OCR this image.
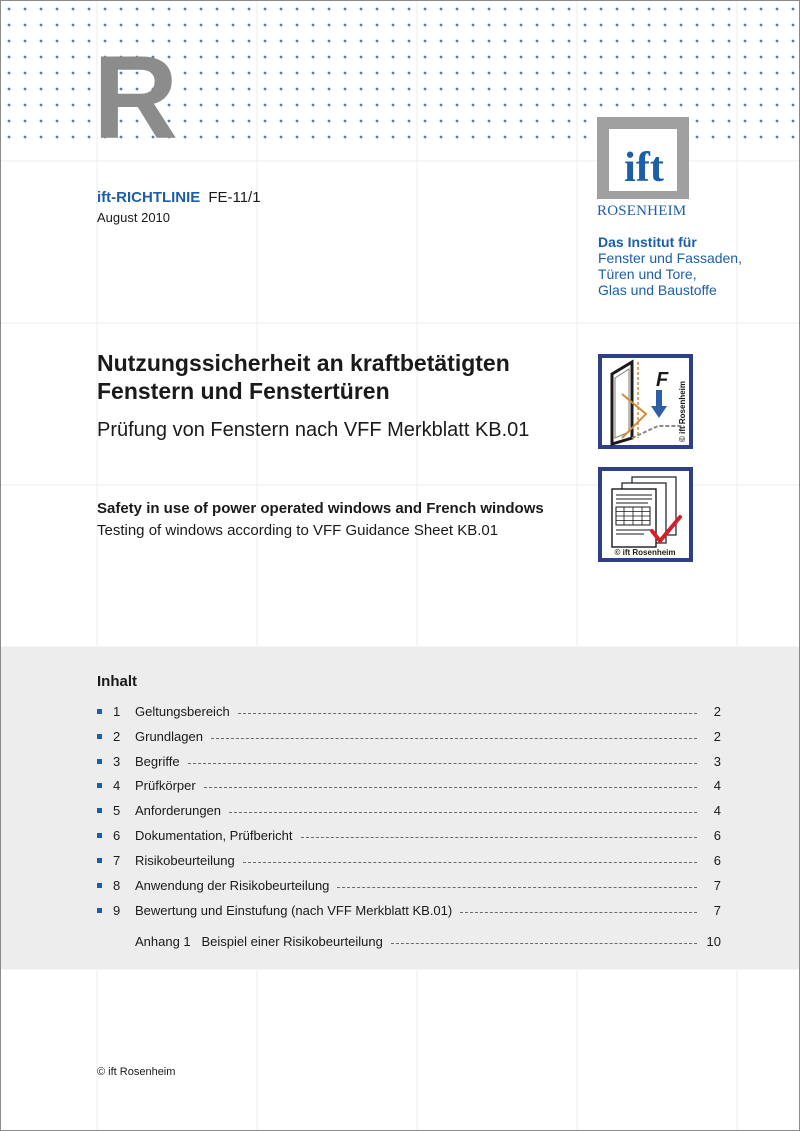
R
ift
ROSENHEIM
Das Institut für
Fenster und Fassaden,
Türen und Tore,
Glas und Baustoffe
ift-RICHTLINIE FE-11/1
August 2010
Nutzungssicherheit an kraftbetätigten
Fenstern und Fenstertüren
Prüfung von Fenstern nach VFF Merkblatt KB.01
Safety in use of power operated windows and French windows
Testing of windows according to VFF Guidance Sheet KB.01
F
© ift Rosenheim
© ift Rosenheim
Inhalt
1	Geltungsbereich	2
2	Grundlagen	2
3	Begriffe	3
4	Prüfkörper	4
5	Anforderungen	4
6	Dokumentation, Prüfbericht	6
7	Risikobeurteilung	6
8	Anwendung der Risikobeurteilung	7
9	Bewertung und Einstufung (nach VFF Merkblatt KB.01)	7
Anhang 1   Beispiel einer Risikobeurteilung	10
© ift Rosenheim
